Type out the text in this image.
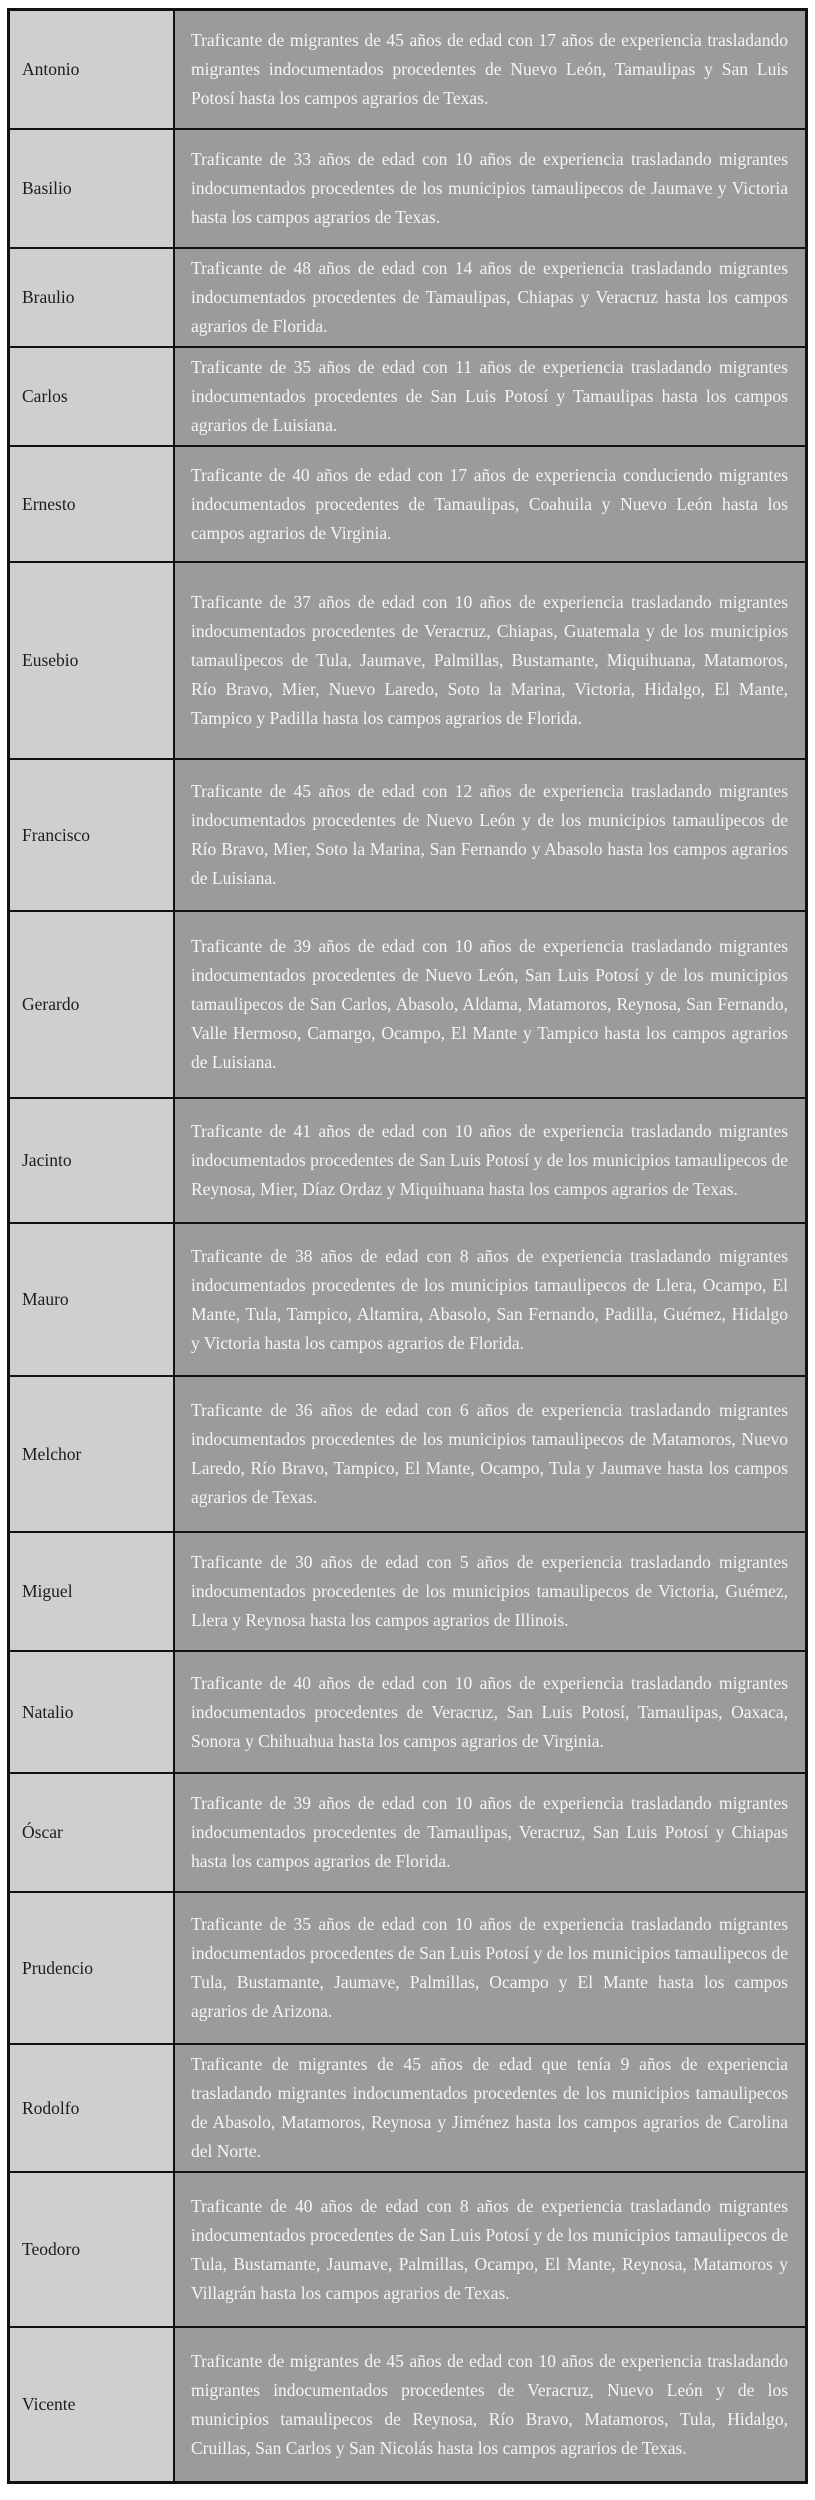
Antonio

Traficante de migrantes de 45 años de edad con 17 años de experiencia trasladando migrantes indocumentados procedentes de Nuevo León, Tamaulipas y San Luis Potosí hasta los campos agrarios de Texas.

Basilio

Traficante de 33 años de edad con 10 años de experiencia trasladando migrantes indocumentados procedentes de los municipios tamaulipecos de Jaumave y Victoria hasta los campos agrarios de Texas.

Braulio

Traficante de 48 años de edad con 14 años de experiencia trasladando migrantes indocumentados procedentes de Tamaulipas, Chiapas y Veracruz hasta los campos agrarios de Florida.

Carlos

Traficante de 35 años de edad con 11 años de experiencia trasladando migrantes indocumentados procedentes de San Luis Potosí y Tamaulipas hasta los campos agrarios de Luisiana.

Ernesto

Traficante de 40 años de edad con 17 años de experiencia conduciendo migrantes indocumentados procedentes de Tamaulipas, Coahuila y Nuevo León hasta los campos agrarios de Virginia.

Eusebio

Traficante de 37 años de edad con 10 años de experiencia trasladando migrantes indocumentados procedentes de Veracruz, Chiapas, Guatemala y de los municipios tamaulipecos de Tula, Jaumave, Palmillas, Bustamante, Miquihuana, Matamoros, Río Bravo, Mier, Nuevo Laredo, Soto la Marina, Victoria, Hidalgo, El Mante, Tampico y Padilla hasta los campos agrarios de Florida.

Francisco

Traficante de 45 años de edad con 12 años de experiencia trasladando migrantes indocumentados procedentes de Nuevo León y de los municipios tamaulipecos de Río Bravo, Mier, Soto la Marina, San Fernando y Abasolo hasta los campos agrarios de Luisiana.

Gerardo

Traficante de 39 años de edad con 10 años de experiencia trasladando migrantes indocumentados procedentes de Nuevo León, San Luis Potosí y de los municipios tamaulipecos de San Carlos, Abasolo, Aldama, Matamoros, Reynosa, San Fernando, Valle Hermoso, Camargo, Ocampo, El Mante y Tampico hasta los campos agrarios de Luisiana.

Jacinto

Traficante de 41 años de edad con 10 años de experiencia trasladando migrantes indocumentados procedentes de San Luis Potosí y de los municipios tamaulipecos de Reynosa, Mier, Díaz Ordaz y Miquihuana hasta los campos agrarios de Texas.

Mauro

Traficante de 38 años de edad con 8 años de experiencia trasladando migrantes indocumentados procedentes de los municipios tamaulipecos de Llera, Ocampo, El Mante, Tula, Tampico, Altamira, Abasolo, San Fernando, Padilla, Guémez, Hidalgo y Victoria hasta los campos agrarios de Florida.

Melchor

Traficante de 36 años de edad con 6 años de experiencia trasladando migrantes indocumentados procedentes de los municipios tamaulipecos de Matamoros, Nuevo Laredo, Río Bravo, Tampico, El Mante, Ocampo, Tula y Jaumave hasta los campos agrarios de Texas.

Miguel

Traficante de 30 años de edad con 5 años de experiencia trasladando migrantes indocumentados procedentes de los municipios tamaulipecos de Victoria, Guémez, Llera y Reynosa hasta los campos agrarios de Illinois.

Natalio

Traficante de 40 años de edad con 10 años de experiencia trasladando migrantes indocumentados procedentes de Veracruz, San Luis Potosí, Tamaulipas, Oaxaca, Sonora y Chihuahua hasta los campos agrarios de Virginia.

Óscar

Traficante de 39 años de edad con 10 años de experiencia trasladando migrantes indocumentados procedentes de Tamaulipas, Veracruz, San Luis Potosí y Chiapas hasta los campos agrarios de Florida.

Prudencio

Traficante de 35 años de edad con 10 años de experiencia trasladando migrantes indocumentados procedentes de San Luis Potosí y de los municipios tamaulipecos de Tula, Bustamante, Jaumave, Palmillas, Ocampo y El Mante hasta los campos agrarios de Arizona.

Rodolfo

Traficante de migrantes de 45 años de edad que tenía 9 años de experiencia trasladando migrantes indocumentados procedentes de los municipios tamaulipecos de Abasolo, Matamoros, Reynosa y Jiménez hasta los campos agrarios de Carolina del Norte.

Teodoro

Traficante de 40 años de edad con 8 años de experiencia trasladando migrantes indocumentados procedentes de San Luis Potosí y de los municipios tamaulipecos de Tula, Bustamante, Jaumave, Palmillas, Ocampo, El Mante, Reynosa, Matamoros y Villagrán hasta los campos agrarios de Texas.

Vicente

Traficante de migrantes de 45 años de edad con 10 años de experiencia trasladando migrantes indocumentados procedentes de Veracruz, Nuevo León y de los municipios tamaulipecos de Reynosa, Río Bravo, Matamoros, Tula, Hidalgo, Cruillas, San Carlos y San Nicolás hasta los campos agrarios de Texas.
